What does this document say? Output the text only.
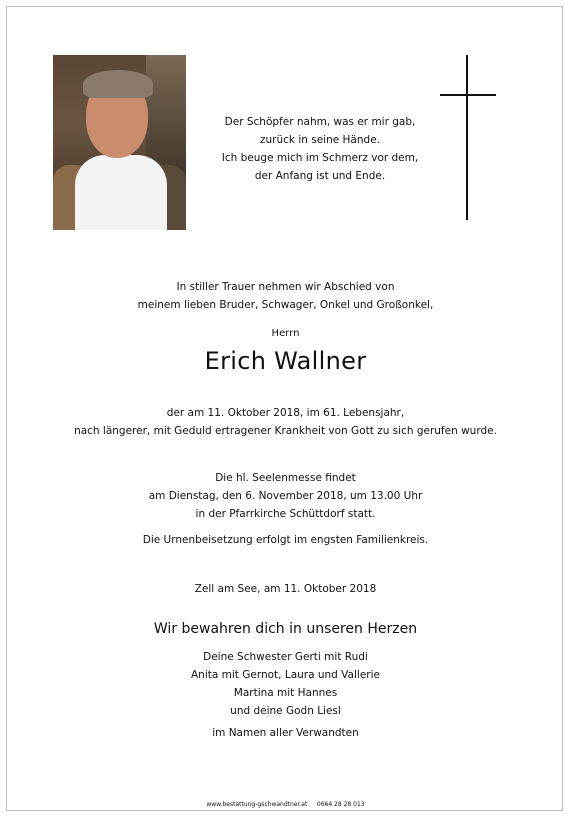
Der Schöpfer nahm, was er mir gab,
zurück in seine Hände.
Ich beuge mich im Schmerz vor dem,
der Anfang ist und Ende.
In stiller Trauer nehmen wir Abschied von
meinem lieben Bruder, Schwager, Onkel und Großonkel,
Herrn
Erich Wallner
der am 11. Oktober 2018, im 61. Lebensjahr,
nach längerer, mit Geduld ertragener Krankheit von Gott zu sich gerufen wurde.
Die hl. Seelenmesse findet
am Dienstag, den 6. November 2018, um 13.00 Uhr
in der Pfarrkirche Schüttdorf statt.
Die Urnenbeisetzung erfolgt im engsten Familienkreis.
Zell am See, am 11. Oktober 2018
Wir bewahren dich in unseren Herzen
Deine Schwester Gerti mit Rudi
Anita mit Gernot, Laura und Vallerie
Martina mit Hannes
und deine Godn Liesl
im Namen aller Verwandten
www.bestattung-gschwandtner.at     0664 28 28 013
